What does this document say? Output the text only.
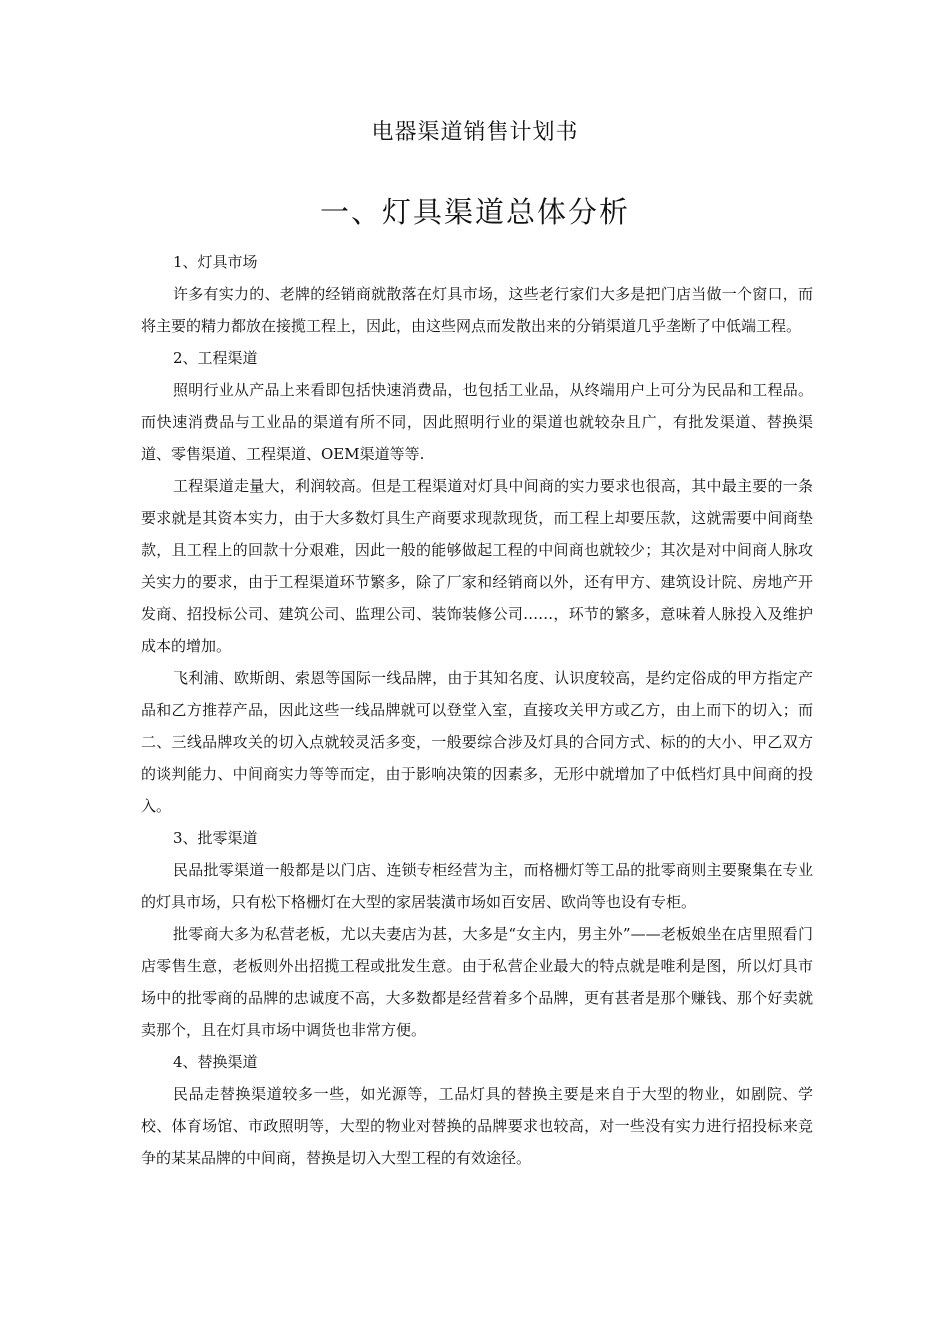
电器渠道销售计划书
一、灯具渠道总体分析

1、灯具市场

许多有实力的、老牌的经销商就散落在灯具市场，这些老行家们大多是把门店当做一个窗口，而将主要的精力都放在接揽工程上，因此，由这些网点而发散出来的分销渠道几乎垄断了中低端工程。

2、工程渠道

照明行业从产品上来看即包括快速消费品，也包括工业品，从终端用户上可分为民品和工程品。而快速消费品与工业品的渠道有所不同，因此照明行业的渠道也就较杂且广，有批发渠道、替换渠道、零售渠道、工程渠道、OEM渠道等等.

工程渠道走量大，利润较高。但是工程渠道对灯具中间商的实力要求也很高，其中最主要的一条要求就是其资本实力，由于大多数灯具生产商要求现款现货，而工程上却要压款，这就需要中间商垫款，且工程上的回款十分艰难，因此一般的能够做起工程的中间商也就较少；其次是对中间商人脉攻关实力的要求，由于工程渠道环节繁多，除了厂家和经销商以外，还有甲方、建筑设计院、房地产开发商、招投标公司、建筑公司、监理公司、装饰装修公司……，环节的繁多，意味着人脉投入及维护成本的增加。

飞利浦、欧斯朗、索恩等国际一线品牌，由于其知名度、认识度较高，是约定俗成的甲方指定产品和乙方推荐产品，因此这些一线品牌就可以登堂入室，直接攻关甲方或乙方，由上而下的切入；而二、三线品牌攻关的切入点就较灵活多变，一般要综合涉及灯具的合同方式、标的的大小、甲乙双方的谈判能力、中间商实力等等而定，由于影响决策的因素多，无形中就增加了中低档灯具中间商的投入。

3、批零渠道

民品批零渠道一般都是以门店、连锁专柜经营为主，而格栅灯等工品的批零商则主要聚集在专业的灯具市场，只有松下格栅灯在大型的家居装潢市场如百安居、欧尚等也设有专柜。

批零商大多为私营老板，尤以夫妻店为甚，大多是“女主内，男主外”——老板娘坐在店里照看门店零售生意，老板则外出招揽工程或批发生意。由于私营企业最大的特点就是唯利是图，所以灯具市场中的批零商的品牌的忠诚度不高，大多数都是经营着多个品牌，更有甚者是那个赚钱、那个好卖就卖那个，且在灯具市场中调货也非常方便。

4、替换渠道

民品走替换渠道较多一些，如光源等，工品灯具的替换主要是来自于大型的物业，如剧院、学校、体育场馆、市政照明等，大型的物业对替换的品牌要求也较高，对一些没有实力进行招投标来竞争的某某品牌的中间商，替换是切入大型工程的有效途径。
